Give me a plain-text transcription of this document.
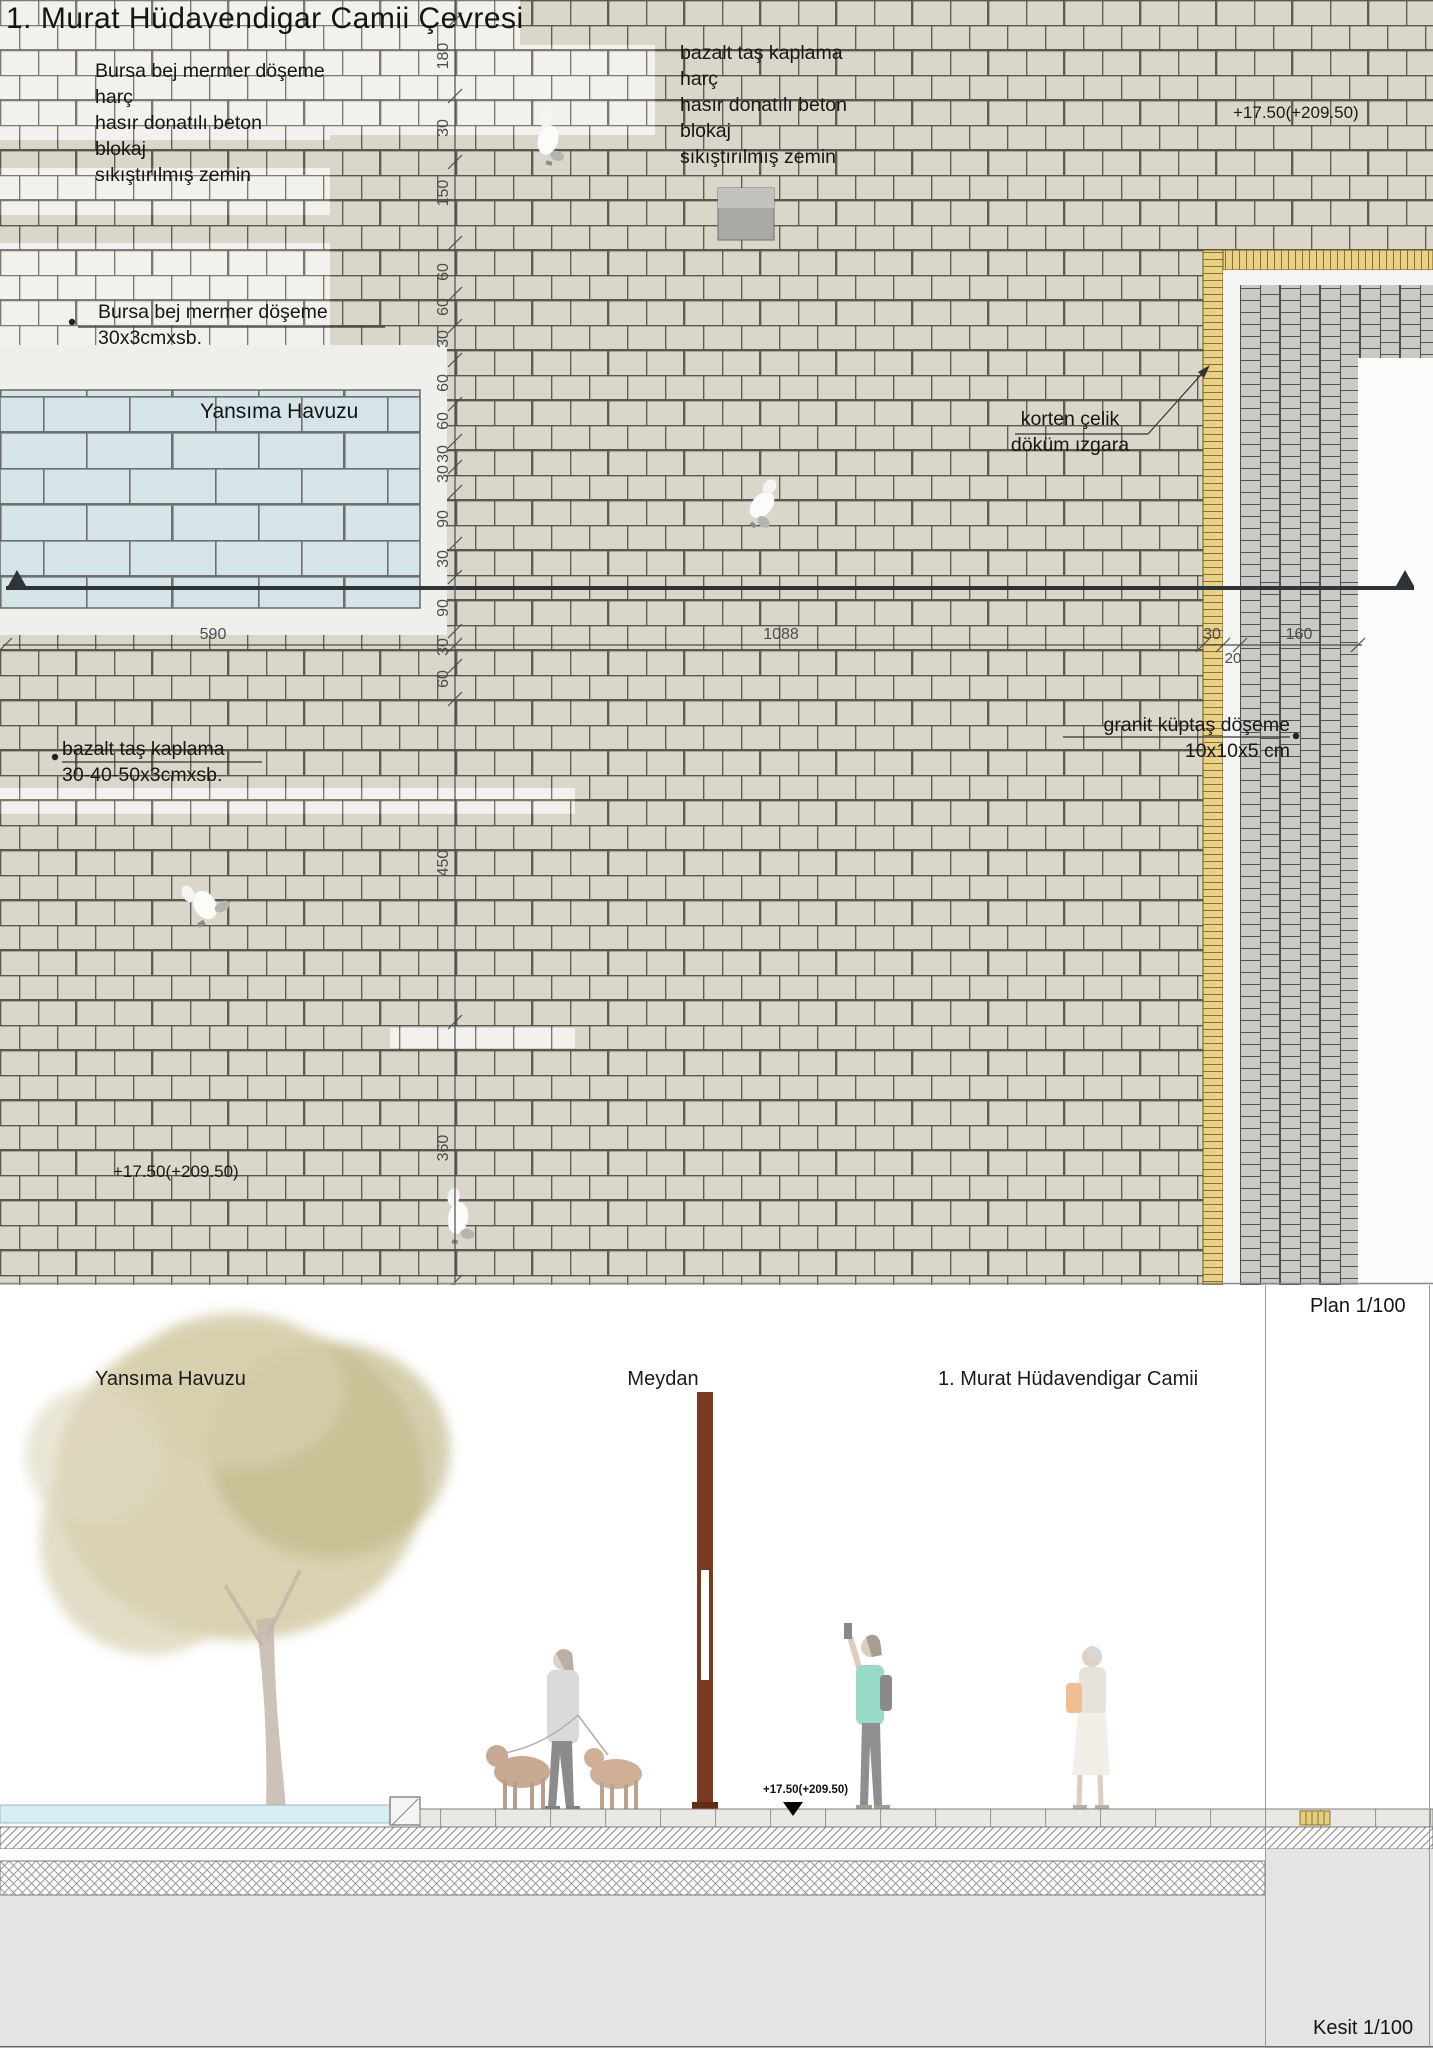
1. Murat Hüdavendigar Camii Çevresi
Bursa bej mermer döşeme
harç
hasır donatılı beton
blokaj
sıkıştırılmış zemin
bazalt taş kaplama
harç
hasır donatılı beton
blokaj
sıkıştırılmış zemin
+17.50(+209.50)
Bursa bej mermer döşeme
30x3cmxsb.
Yansıma Havuzu	korten çelik
döküm ızgara
granit küptaş döşeme
10x10x5 cm
bazalt taş kaplama
30-40-50x3cmxsb.
+17.50(+209.50)
590	1088	30
20
160
180
30
150
60
60
30
60
60
30
30
90
30
90
30
60
450
360
Plan 1/100
Yansıma Havuzu	Meydan	1. Murat Hüdavendigar Camii
+17.50(+209.50)
Kesit 1/100
